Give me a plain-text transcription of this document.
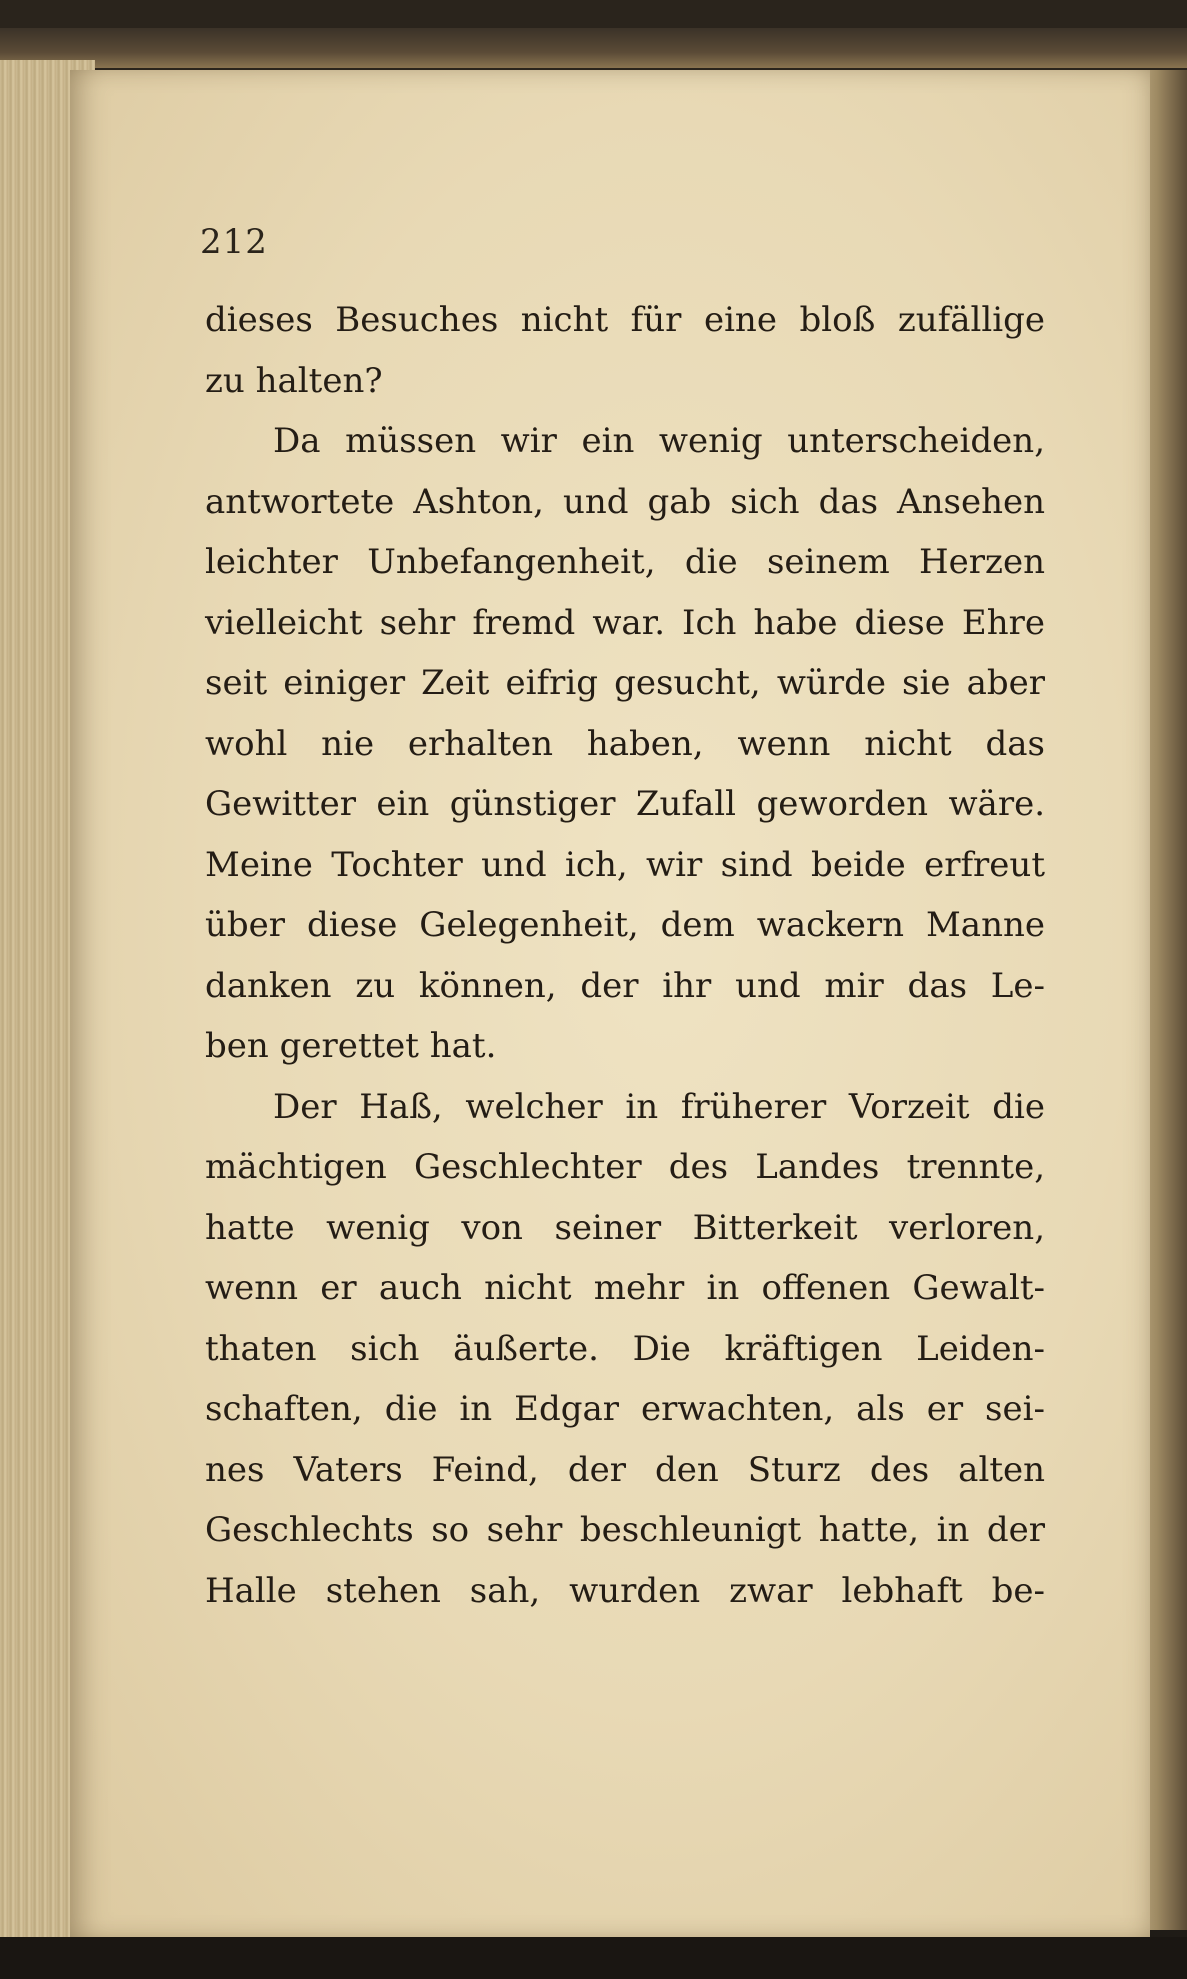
212
dieses Besuches nicht für eine bloß zufällige
zu halten?
Da müssen wir ein wenig unterscheiden,
antwortete Ashton, und gab sich das Ansehen
leichter Unbefangenheit, die seinem Herzen
vielleicht sehr fremd war. Ich habe diese Ehre
seit einiger Zeit eifrig gesucht, würde sie aber
wohl nie erhalten haben, wenn nicht das
Gewitter ein günstiger Zufall geworden wäre.
Meine Tochter und ich, wir sind beide erfreut
über diese Gelegenheit, dem wackern Manne
danken zu können, der ihr und mir das Le-
ben gerettet hat.
Der Haß, welcher in früherer Vorzeit die
mächtigen Geschlechter des Landes trennte,
hatte wenig von seiner Bitterkeit verloren,
wenn er auch nicht mehr in offenen Gewalt-
thaten sich äußerte. Die kräftigen Leiden-
schaften, die in Edgar erwachten, als er sei-
nes Vaters Feind, der den Sturz des alten
Geschlechts so sehr beschleunigt hatte, in der
Halle stehen sah, wurden zwar lebhaft be-
